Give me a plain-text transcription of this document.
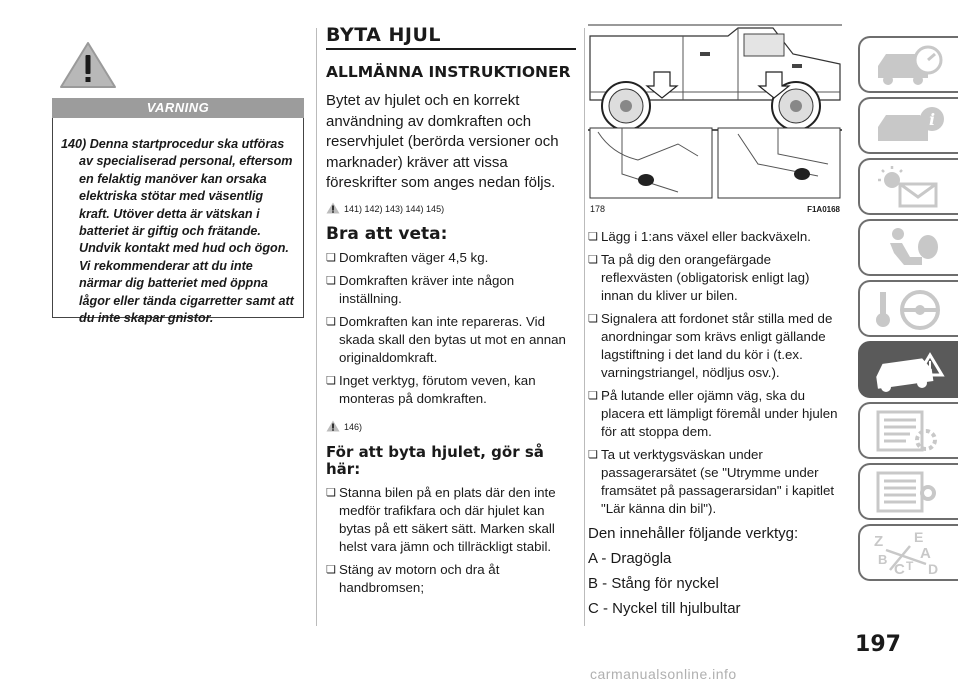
VARNING

140) Denna startprocedur ska utföras av specialiserad personal, eftersom en felaktig manöver kan orsaka elektriska stötar med väsentlig kraft. Utöver detta är vätskan i batteriet är giftig och frätande. Undvik kontakt med hud och ögon. Vi rekommenderar att du inte närmar dig batteriet med öppna lågor eller tända cigarretter samt att du inte skapar gnistor.

BYTA HJUL
ALLMÄNNA INSTRUKTIONER

Bytet av hjulet och en korrekt användning av domkraften och reservhjulet (berörda versioner och marknader) kräver att vissa föreskrifter som anges nedan följs.

141) 142) 143) 144) 145)
Bra att veta:

❏ Domkraften väger 4,5 kg.

❏ Domkraften kräver inte någon inställning.

❏ Domkraften kan inte repareras. Vid skada skall den bytas ut mot en annan originaldomkraft.

❏ Inget verktyg, förutom veven, kan monteras på domkraften.

146)
För att byta hjulet, gör så här:

❏ Stanna bilen på en plats där den inte medför trafikfara och där hjulet kan bytas på ett säkert sätt. Marken skall helst vara jämn och tillräckligt stabil.

❏ Stäng av motorn och dra åt handbromsen;

178	F1A0168

❏ Lägg i 1:ans växel eller backväxeln.

❏ Ta på dig den orangefärgade reflexvästen (obligatorisk enligt lag) innan du kliver ur bilen.

❏ Signalera att fordonet står stilla med de anordningar som krävs enligt gällande lagstiftning i det land du kör i (t.ex. varningstriangel, nödljus osv.).

❏ På lutande eller ojämn väg, ska du placera ett lämpligt föremål under hjulen för att stoppa dem.

❏ Ta ut verktygsväskan under passagerarsätet (se "Utrymme under framsätet på passagerarsidan" i kapitlet "Lär känna din bil").

Den innehåller följande verktyg:

A - Dragögla

B - Stång för nyckel

C - Nyckel till hjulbultar

i
Z E
A
B
C T D
197
carmanualsonline.info
